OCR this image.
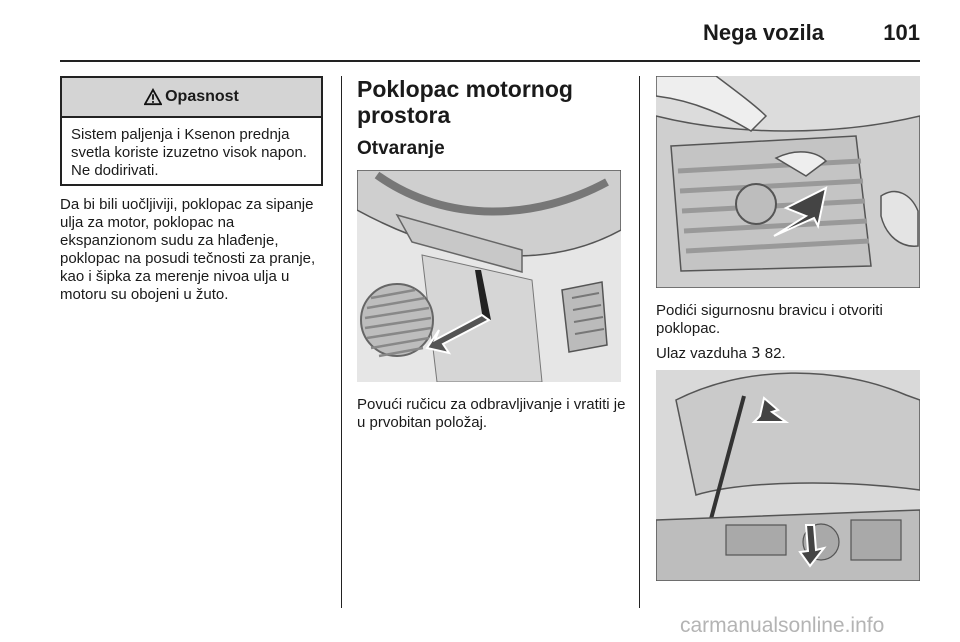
Nega vozila	101
Opasnost
Sistem paljenja i Ksenon prednja svetla koriste izuzetno visok napon. Ne dodirivati.
Da bi bili uočljiviji, poklopac za sipanje ulja za motor, poklopac na ekspanzionom sudu za hlađenje, poklopac na posudi tečnosti za pranje, kao i šipka za merenje nivoa ulja u motoru su obojeni u žuto.
Poklopac motornog prostora
Otvaranje
Povući ručicu za odbravljivanje i vratiti je u prvobitan položaj.
Podići sigurnosnu bravicu i otvoriti poklopac.
Ulaz vazduha 3 82.
carmanualsonline.info
